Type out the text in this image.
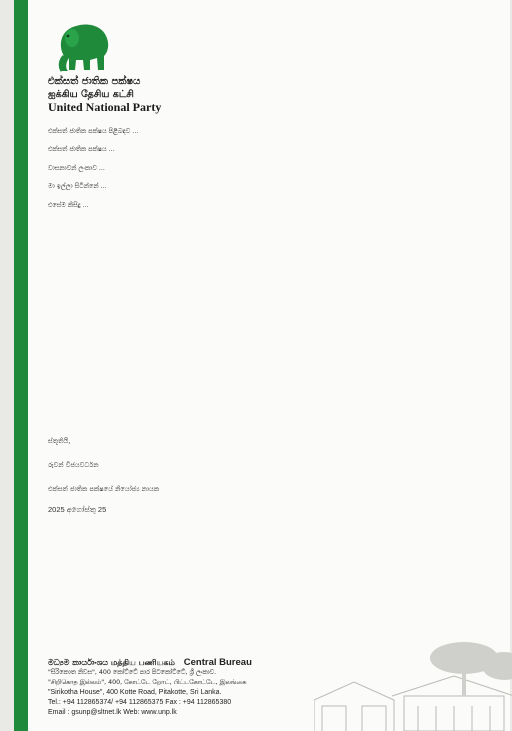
එක්සත් ජාතික පක්ෂය
ஐக்கிய தேசிய கட்சி
United National Party

එක්සත් ජාතික පක්ෂය පිළිබඳව ...

එක්සත් ජාතික පක්ෂය ...

වාසනාවන් ලංකාව ...

මා ඉල්ලා සිටින්නේ ...

එසේම කිසිදු ...

ස්තූතියි,
රුවන් විජයවර්ධන
එක්සත් ජාතික පක්ෂයේ නියෝජ්‍ය නායක
2025 අගෝස්තු 25
මධ්‍යම කාර්යාංශය மத்திய பணியகம் Central Bureau
"සිරිකොත නිවස", 400 කෝට්ටේ පාර පිටකෝට්ටේ, ශ්‍රී ලංකාව.
"சிறிகொத இல்லம்", 400, கோட்டே றோட், பிட்டகோட்டே, இலங்கை
"Sirikotha House", 400 Kotte Road, Pitakotte, Sri Lanka.
Tel.: +94 112865374/ +94 112865375 Fax : +94 112865380
Email : gsunp@sltnet.lk Web: www.unp.lk
